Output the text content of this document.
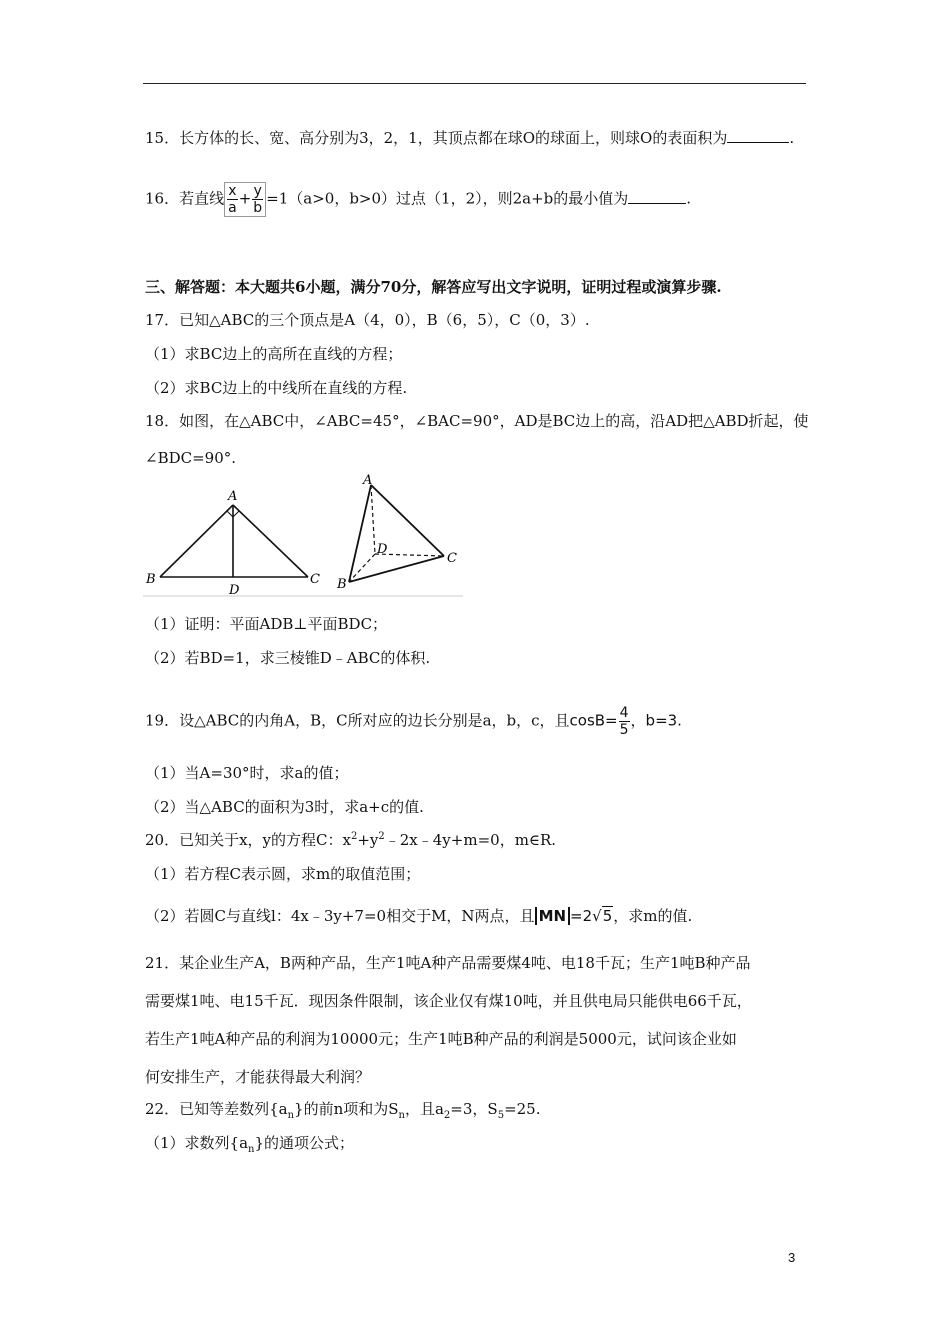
15．长方体的长、宽、高分别为3，2，1，其顶点都在球O的球面上，则球O的表面积为	.
16．若直线 $\frac{x}{a} + \frac{y}{b} =1(a>0$，b>0）过点（1，2），则2a+b的最小值为	.
三、解答题：本大题共6小题，满分70分，解答应写出文字说明，证明过程或演算步骤.
17．已知△ABC的三个顶点是A（4，0），B（6，5），C（0，3）.
（1）求BC边上的高所在直线的方程；
（2）求BC边上的中线所在直线的方程.
18．如图，在△ABC中，∠ABC=45°，∠BAC=90°，AD是BC边上的高，沿AD把△ABD折起，使
∠BDC=90°.
A
B	C
D
A
B
C
D
（1）证明：平面ADB⊥平面BDC；
（2）若BD=1，求三棱锥D﹣ABC的体积.
19．设△ABC的内角A，B，C所对应的边长分别是a，b，c，且$\cos B= \frac{4}{5}$ ，b=3.
（1）当A=30°时，求a的值；
（2）当△ABC的面积为3时，求a+c的值.
20．已知关于x，y的方程C：$x^2+y^2﹣2x﹣4y+m=0$，m∈R.
（1）若方程C表示圆，求m的取值范围；
（2）若圆C与直线l：4x﹣3y+7=0相交于M，N两点，且 MN =2√5，求m的值.
21．某企业生产A，B两种产品，生产1吨A种产品需要煤4吨、电18千瓦；生产1吨B种产品
需要煤1吨、电15千瓦．现因条件限制，该企业仅有煤10吨，并且供电局只能供电66千瓦，
若生产1吨A种产品的利润为10000元；生产1吨B种产品的利润是5000元，试问该企业如
何安排生产，才能获得最大利润？
22．已知等差数列$\{a_n\}$的前n项和为$S_n$，且$a_2=3$，$S_5=25$.
（1）求数列$\{a_n\}$的通项公式；
3
